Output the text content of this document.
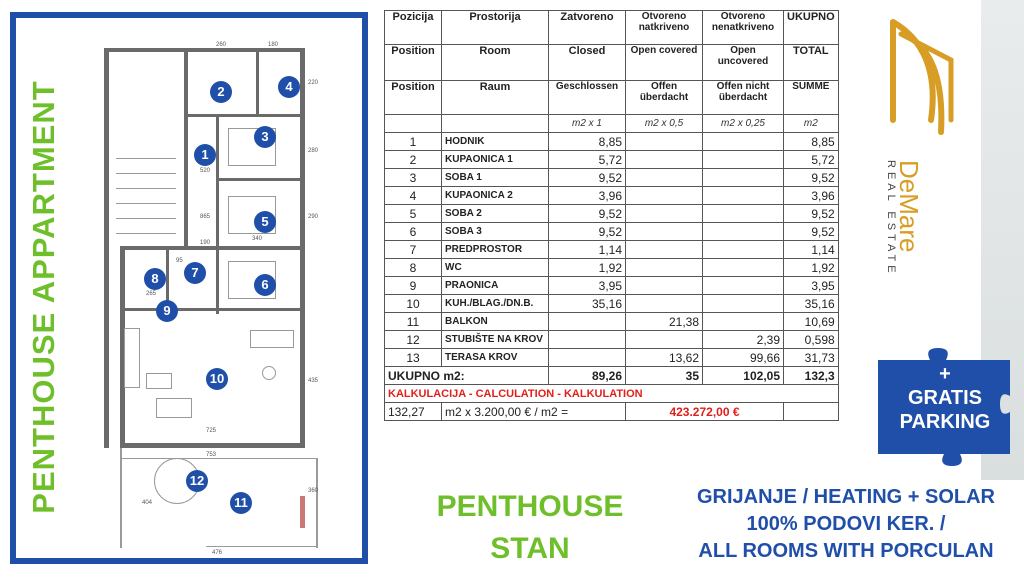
PENTHOUSE APPARTMENT
260	180
220
520
280
290
865
190
340
95
265
435
725
753
404
476
360
1
2
3
4
5
6
7
8
9
10
11
12
Pozicija	Prostorija	Zatvoreno	Otvoreno natkriveno	Otvoreno nenatkriveno	UKUPNO
Position	Room	Closed	Open covered	Open uncovered	TOTAL
Position	Raum	Geschlossen	Offen überdacht	Offen nicht überdacht	SUMME
		m2 x 1	m2 x 0,5	m2 x 0,25	m2
1	HODNIK	8,85			8,85
2	KUPAONICA 1	5,72			5,72
3	SOBA 1	9,52			9,52
4	KUPAONICA 2	3,96			3,96
5	SOBA 2	9,52			9,52
6	SOBA 3	9,52			9,52
7	PREDPROSTOR	1,14			1,14
8	WC	1,92			1,92
9	PRAONICA	3,95			3,95
10	KUH./BLAG./DN.B.	35,16			35,16
11	BALKON		21,38		10,69
12	STUBIŠTE NA KROV			2,39	0,598
13	TERASA KROV		13,62	99,66	31,73
UKUPNO m2:		89,26	35	102,05	132,3
KALKULACIJA - CALCULATION - KALKULATION					
132,27	m2 x 3.200,00 € / m2 =		423.272,00 €		
PENTHOUSE
STAN
GRIJANJE / HEATING + SOLAR
100% PODOVI KER. /
ALL ROOMS WITH PORCULAN
DeMare
REAL ESTATE
+
GRATIS
PARKING
